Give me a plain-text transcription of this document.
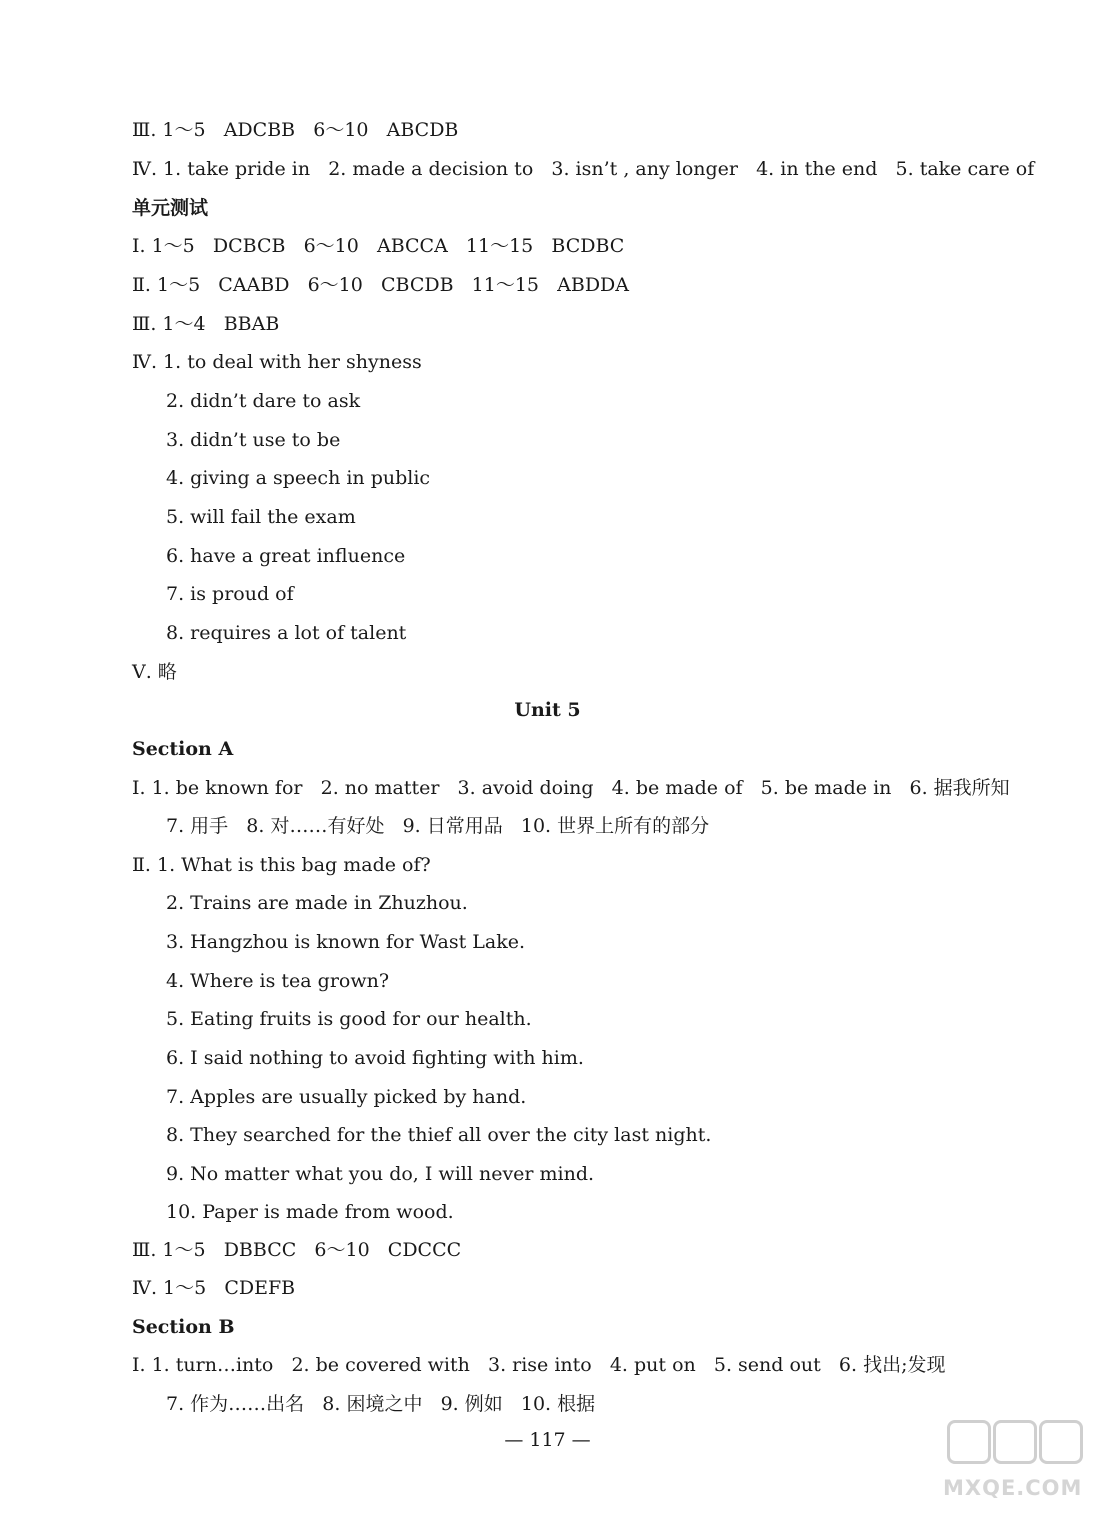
Ⅲ. 1～5   ADCBB   6～10   ABCDB
Ⅳ. 1. take pride in   2. made a decision to   3. isn’t , any longer   4. in the end   5. take care of
单元测试
Ⅰ. 1～5   DCBCB   6～10   ABCCA   11～15   BCDBC
Ⅱ. 1～5   CAABD   6～10   CBCDB   11～15   ABDDA
Ⅲ. 1～4   BBAB
Ⅳ. 1. to deal with her shyness
2. didn’t dare to ask
3. didn’t use to be
4. giving a speech in public
5. will fail the exam
6. have a great influence
7. is proud of
8. requires a lot of talent
Ⅴ. 略
Unit 5
Section A
Ⅰ. 1. be known for   2. no matter   3. avoid doing   4. be made of   5. be made in   6. 据我所知
7. 用手   8. 对……有好处   9. 日常用品   10. 世界上所有的部分
Ⅱ. 1. What is this bag made of?
2. Trains are made in Zhuzhou.
3. Hangzhou is known for Wast Lake.
4. Where is tea grown?
5. Eating fruits is good for our health.
6. I said nothing to avoid fighting with him.
7. Apples are usually picked by hand.
8. They searched for the thief all over the city last night.
9. No matter what you do, I will never mind.
10. Paper is made from wood.
Ⅲ. 1～5   DBBCC   6～10   CDCCC
Ⅳ. 1～5   CDEFB
Section B
Ⅰ. 1. turn…into   2. be covered with   3. rise into   4. put on   5. send out   6. 找出;发现
7. 作为……出名   8. 困境之中   9. 例如   10. 根据
— 117 —
MXQE.COM
